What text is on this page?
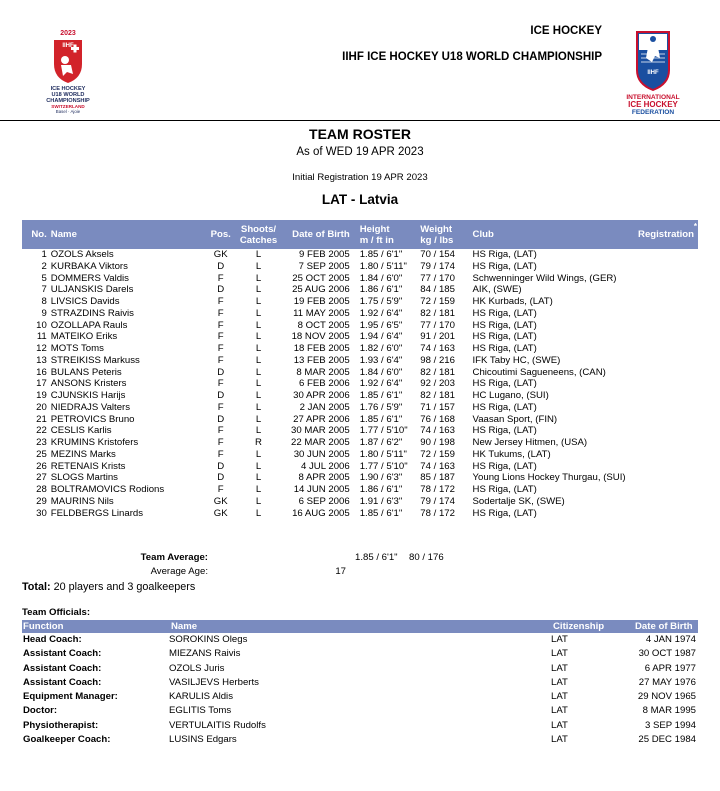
2023
IIHF
ICE HOCKEY
U18 WORLD
CHAMPIONSHIP
SWITZERLAND
Basel · Ajoie
ICE HOCKEY
IIHF ICE HOCKEY U18 WORLD CHAMPIONSHIP
IIHF
INTERNATIONAL
ICE HOCKEY
FEDERATION
TEAM ROSTER
As of WED 19 APR 2023
Initial Registration 19 APR 2023
LAT - Latvia
No.	Name	Pos.	Shoots/
Catches	Date of Birth	Height
m / ft in	Weight
kg / lbs	Club	Registration
*

1	OZOLS Aksels	GK	L	9 FEB 2005	1.85 / 6'1"	70 / 154	HS Riga, (LAT)	
2	KURBAKA Viktors	D	L	7 SEP 2005	1.80 / 5'11"	79 / 174	HS Riga, (LAT)	
5	DOMMERS Valdis	F	L	25 OCT 2005	1.84 / 6'0"	77 / 170	Schwenninger Wild Wings, (GER)	
7	ULJANSKIS Darels	D	L	25 AUG 2006	1.86 / 6'1"	84 / 185	AIK, (SWE)	
8	LIVSICS Davids	F	L	19 FEB 2005	1.75 / 5'9"	72 / 159	HK Kurbads, (LAT)	
9	STRAZDINS Raivis	F	L	11 MAY 2005	1.92 / 6'4"	82 / 181	HS Riga, (LAT)	
10	OZOLLAPA Rauls	F	L	8 OCT 2005	1.95 / 6'5"	77 / 170	HS Riga, (LAT)	
11	MATEIKO Eriks	F	L	18 NOV 2005	1.94 / 6'4"	91 / 201	HS Riga, (LAT)	
12	MOTS Toms	F	L	18 FEB 2005	1.82 / 6'0"	74 / 163	HS Riga, (LAT)	
13	STREIKISS Markuss	F	L	13 FEB 2005	1.93 / 6'4"	98 / 216	IFK Taby HC, (SWE)	
16	BULANS Peteris	D	L	8 MAR 2005	1.84 / 6'0"	82 / 181	Chicoutimi Sagueneens, (CAN)	
17	ANSONS Kristers	F	L	6 FEB 2006	1.92 / 6'4"	92 / 203	HS Riga, (LAT)	
19	CJUNSKIS Harijs	D	L	30 APR 2006	1.85 / 6'1"	82 / 181	HC Lugano, (SUI)	
20	NIEDRAJS Valters	F	L	2 JAN 2005	1.76 / 5'9"	71 / 157	HS Riga, (LAT)	
21	PETROVICS Bruno	D	L	27 APR 2006	1.85 / 6'1"	76 / 168	Vaasan Sport, (FIN)	
22	CESLIS Karlis	F	L	30 MAR 2005	1.77 / 5'10"	74 / 163	HS Riga, (LAT)	
23	KRUMINS Kristofers	F	R	22 MAR 2005	1.87 / 6'2"	90 / 198	New Jersey Hitmen, (USA)	
25	MEZINS Marks	F	L	30 JUN 2005	1.80 / 5'11"	72 / 159	HK Tukums, (LAT)	
26	RETENAIS Krists	D	L	4 JUL 2006	1.77 / 5'10"	74 / 163	HS Riga, (LAT)	
27	SLOGS Martins	D	L	8 APR 2005	1.90 / 6'3"	85 / 187	Young Lions Hockey Thurgau, (SUI)	
28	BOLTRAMOVICS Rodions	F	L	14 JUN 2005	1.86 / 6'1"	78 / 172	HS Riga, (LAT)	
29	MAURINS Nils	GK	L	6 SEP 2006	1.91 / 6'3"	79 / 174	Sodertalje SK, (SWE)	
30	FELDBERGS Linards	GK	L	16 AUG 2005	1.85 / 6'1"	78 / 172	HS Riga, (LAT)	
Team Average:	1.85 / 6'1" 80 / 176
Average Age:	17
Total: 20 players and 3 goalkeepers
Team Officials:
Function	Name	Citizenship	Date of Birth
Head Coach:	SOROKINS Olegs	LAT	4 JAN 1974
Assistant Coach:	MIEZANS Raivis	LAT	30 OCT 1987
Assistant Coach:	OZOLS Juris	LAT	6 APR 1977
Assistant Coach:	VASILJEVS Herberts	LAT	27 MAY 1976
Equipment Manager:	KARULIS Aldis	LAT	29 NOV 1965
Doctor:	EGLITIS Toms	LAT	8 MAR 1995
Physiotherapist:	VERTULAITIS Rudolfs	LAT	3 SEP 1994
Goalkeeper Coach:	LUSINS Edgars	LAT	25 DEC 1984
